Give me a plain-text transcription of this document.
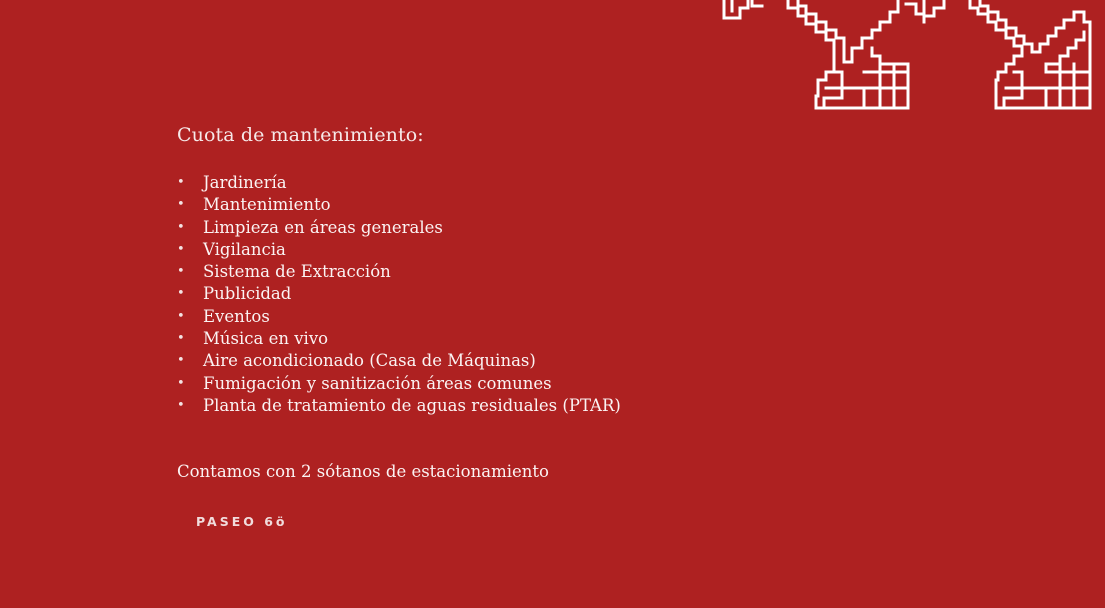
Cuota de mantenimiento:
• Jardinería
• Mantenimiento
• Limpieza en áreas generales
• Vigilancia
• Sistema de Extracción
• Publicidad
• Eventos
• Música en vivo
• Aire acondicionado (Casa de Máquinas)
• Fumigación y sanitización áreas comunes
• Planta de tratamiento de aguas residuales (PTAR)
Contamos con 2 sótanos de estacionamiento
PASEO 6ö
